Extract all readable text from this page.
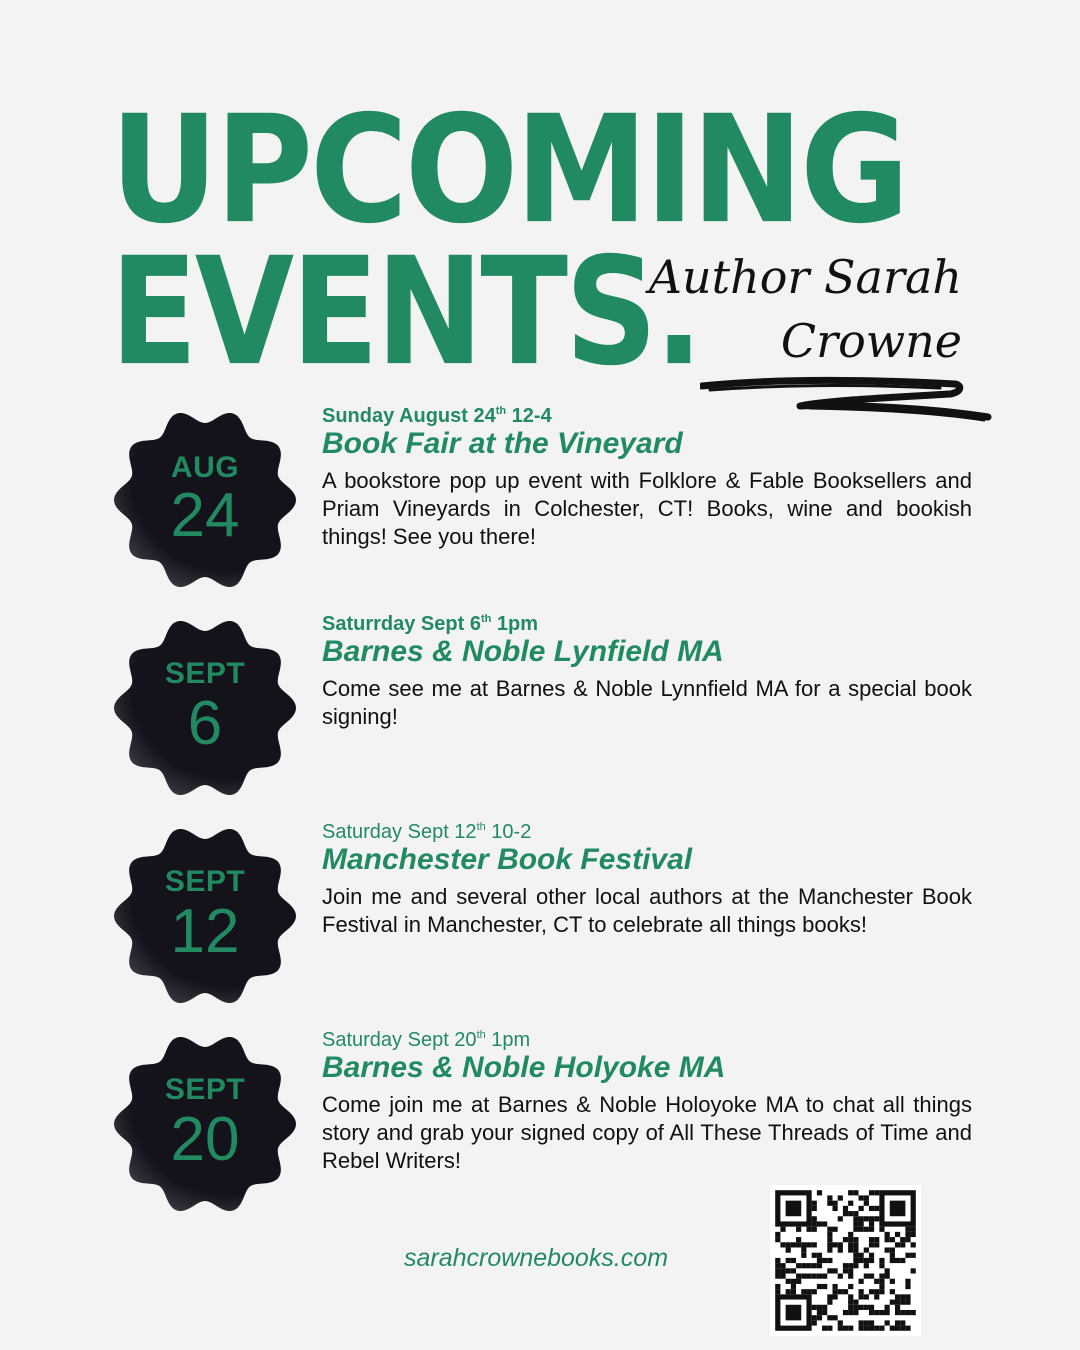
UPCOMING
EVENTS.
Author Sarah
Crowne
AUG
24
Sunday August 24th 12-4
Book Fair at the Vineyard

A bookstore pop up event with Folklore & Fable Booksellers and Priam Vineyards in Colchester, CT! Books, wine and bookish things! See you there!

SEPT
6
Saturrday Sept 6th 1pm
Barnes & Noble Lynfield MA

Come see me at Barnes & Noble Lynnfield MA for a special book signing!

SEPT
12
Saturday Sept 12th 10-2
Manchester Book Festival

Join me and several other local authors at the Manchester Book Festival in Manchester, CT to celebrate all things books!

SEPT
20
Saturday Sept 20th 1pm
Barnes & Noble Holyoke MA

Come join me at Barnes & Noble Holoyoke MA to chat all things story and grab your signed copy of All These Threads of Time and Rebel Writers!

sarahcrownebooks.com
